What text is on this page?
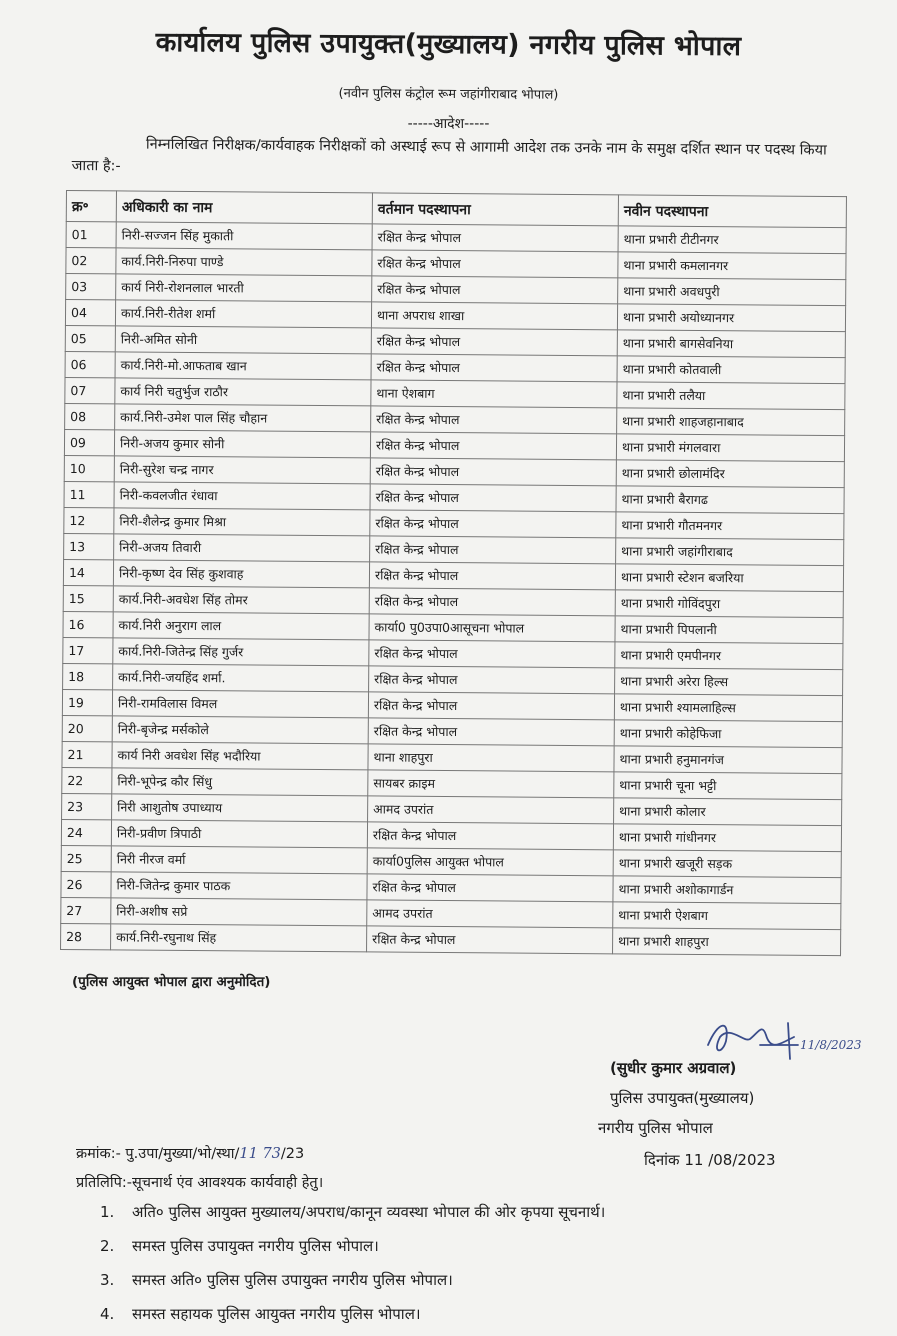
कार्यालय पुलिस उपायुक्त(मुख्यालय) नगरीय पुलिस भोपाल
(नवीन पुलिस कंट्रोल रूम जहांगीराबाद भोपाल)
-----आदेश-----
निम्नलिखित निरीक्षक/कार्यवाहक निरीक्षकों को अस्थाई रूप से आगामी आदेश तक उनके नाम के समुक्ष दर्शित स्थान पर पदस्थ किया जाता है:-
क्र॰	अधिकारी का नाम	वर्तमान पदस्थापना	नवीन पदस्थापना
01	निरी-सज्जन सिंह मुकाती	रक्षित केन्द्र भोपाल	थाना प्रभारी टीटीनगर
02	कार्य.निरी-निरुपा पाण्डे	रक्षित केन्द्र भोपाल	थाना प्रभारी कमलानगर
03	कार्य निरी-रोशनलाल भारती	रक्षित केन्द्र भोपाल	थाना प्रभारी अवधपुरी
04	कार्य.निरी-रीतेश शर्मा	थाना अपराध शाखा	थाना प्रभारी अयोध्यानगर
05	निरी-अमित सोनी	रक्षित केन्द्र भोपाल	थाना प्रभारी बागसेवनिया
06	कार्य.निरी-मो.आफताब खान	रक्षित केन्द्र भोपाल	थाना प्रभारी कोतवाली
07	कार्य निरी चतुर्भुज राठौर	थाना ऐशबाग	थाना प्रभारी तलैया
08	कार्य.निरी-उमेश पाल सिंह चौहान	रक्षित केन्द्र भोपाल	थाना प्रभारी शाहजहानाबाद
09	निरी-अजय कुमार सोनी	रक्षित केन्द्र भोपाल	थाना प्रभारी मंगलवारा
10	निरी-सुरेश चन्द्र नागर	रक्षित केन्द्र भोपाल	थाना प्रभारी छोलामंदिर
11	निरी-कवलजीत रंधावा	रक्षित केन्द्र भोपाल	थाना प्रभारी बैरागढ
12	निरी-शैलेन्द्र कुमार मिश्रा	रक्षित केन्द्र भोपाल	थाना प्रभारी गौतमनगर
13	निरी-अजय तिवारी	रक्षित केन्द्र भोपाल	थाना प्रभारी जहांगीराबाद
14	निरी-कृष्ण देव सिंह कुशवाह	रक्षित केन्द्र भोपाल	थाना प्रभारी स्टेशन बजरिया
15	कार्य.निरी-अवधेश सिंह तोमर	रक्षित केन्द्र भोपाल	थाना प्रभारी गोविंदपुरा
16	कार्य.निरी अनुराग लाल	कार्या0 पु0उपा0आसूचना भोपाल	थाना प्रभारी पिपलानी
17	कार्य.निरी-जितेन्द्र सिंह गुर्जर	रक्षित केन्द्र भोपाल	थाना प्रभारी एमपीनगर
18	कार्य.निरी-जयहिंद शर्मा.	रक्षित केन्द्र भोपाल	थाना प्रभारी अरेरा हिल्स
19	निरी-रामविलास विमल	रक्षित केन्द्र भोपाल	थाना प्रभारी श्यामलाहिल्स
20	निरी-बृजेन्द्र मर्सकोले	रक्षित केन्द्र भोपाल	थाना प्रभारी कोहेफिजा
21	कार्य निरी अवधेश सिंह भदौरिया	थाना शाहपुरा	थाना प्रभारी हनुमानगंज
22	निरी-भूपेन्द्र कौर सिंधु	सायबर क्राइम	थाना प्रभारी चूना भट्टी
23	निरी आशुतोष उपाध्याय	आमद उपरांत	थाना प्रभारी कोलार
24	निरी-प्रवीण त्रिपाठी	रक्षित केन्द्र भोपाल	थाना प्रभारी गांधीनगर
25	निरी नीरज वर्मा	कार्या0पुलिस आयुक्त भोपाल	थाना प्रभारी खजूरी सड़क
26	निरी-जितेन्द्र कुमार पाठक	रक्षित केन्द्र भोपाल	थाना प्रभारी अशोकागार्डन
27	निरी-अशीष सप्रे	आमद उपरांत	थाना प्रभारी ऐशबाग
28	कार्य.निरी-रघुनाथ सिंह	रक्षित केन्द्र भोपाल	थाना प्रभारी शाहपुरा
(पुलिस आयुक्त भोपाल द्वारा अनुमोदित)
11/8/2023
(सुधीर कुमार अग्रवाल)
पुलिस उपायुक्त(मुख्यालय)
नगरीय पुलिस भोपाल
दिनांक 11 /08/2023
क्रमांक:- पु.उपा/मुख्या/भो/स्था/11 73/23
प्रतिलिपि:-सूचनार्थ एंव आवश्यक कार्यवाही हेतु।
1. अति० पुलिस आयुक्त मुख्यालय/अपराध/कानून व्यवस्था भोपाल की ओर कृपया सूचनार्थ।
2. समस्त पुलिस उपायुक्त नगरीय पुलिस भोपाल।
3. समस्त अति० पुलिस पुलिस उपायुक्त नगरीय पुलिस भोपाल।
4. समस्त सहायक पुलिस आयुक्त नगरीय पुलिस भोपाल।
